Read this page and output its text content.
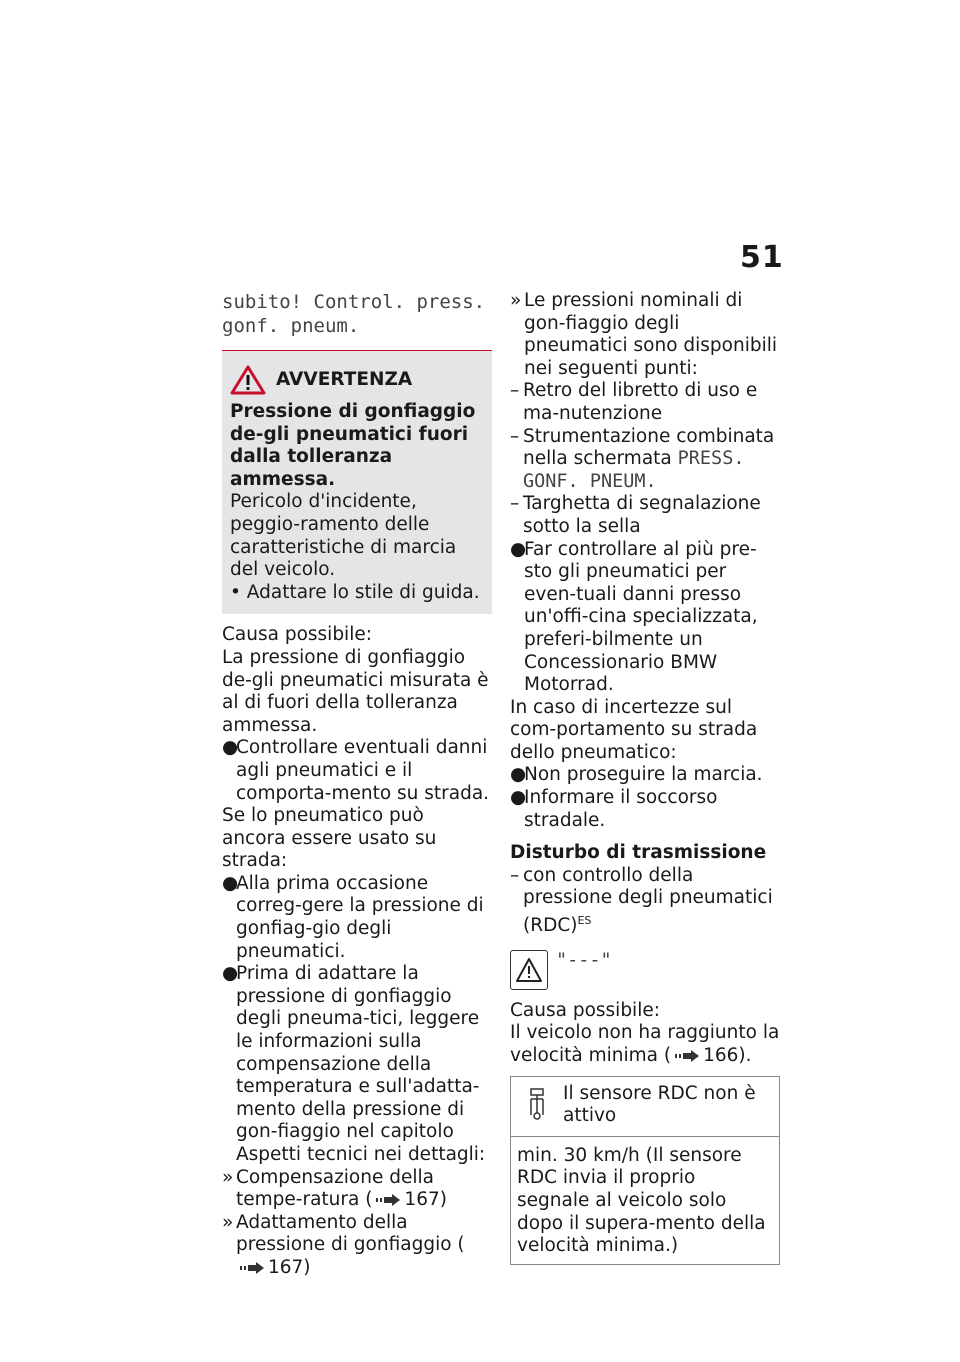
51
subito! Control. press.
gonf. pneum.
AVVERTENZA

Pressione di gonfiaggio de-gli pneumatici fuori dalla tolleranza ammessa.

Pericolo d'incidente, peggio-ramento delle caratteristiche di marcia del veicolo.

• Adattare lo stile di guida.

Causa possibile:

La pressione di gonfiaggio de-gli pneumatici misurata è al di fuori della tolleranza ammessa.

●
Controllare eventuali danni agli pneumatici e il comporta-mento su strada.

Se lo pneumatico può ancora essere usato su strada:

●
Alla prima occasione correg-gere la pressione di gonfiag-gio degli pneumatici.
●
Prima di adattare la pressione di gonfiaggio degli pneuma-tici, leggere le informazioni sulla compensazione della temperatura e sull'adatta-mento della pressione di gon-fiaggio nel capitolo Aspetti tecnici nei dettagli:
» Compensazione della tempe-ratura ( 167)
» Adattamento della pressione di gonfiaggio (167)
» Le pressioni nominali di gon-fiaggio degli pneumatici sono disponibili nei seguenti punti:
– Retro del libretto di uso e ma-nutenzione
– Strumentazione combinata nella schermata PRESS.
GONF. PNEUM.
– Targhetta di segnalazione sotto la sella
●
Far controllare al più pre-sto gli pneumatici per even-tuali danni presso un'offi-cina specializzata, preferi-bilmente un Concessionario BMW Motorrad.

In caso di incertezze sul com-portamento su strada dello pneumatico:

●
Non proseguire la marcia.
●
Informare il soccorso stradale.

Disturbo di trasmissione

– con controllo della pressione degli pneumatici (RDC)$^{ES}$
"---"

Causa possibile:

Il veicolo non ha raggiunto la velocità minima ( 166).

Il sensore RDC non è attivo
min. 30 km/h (Il sensore RDC invia il proprio segnale al veicolo solo dopo il supera-mento della velocità minima.)
